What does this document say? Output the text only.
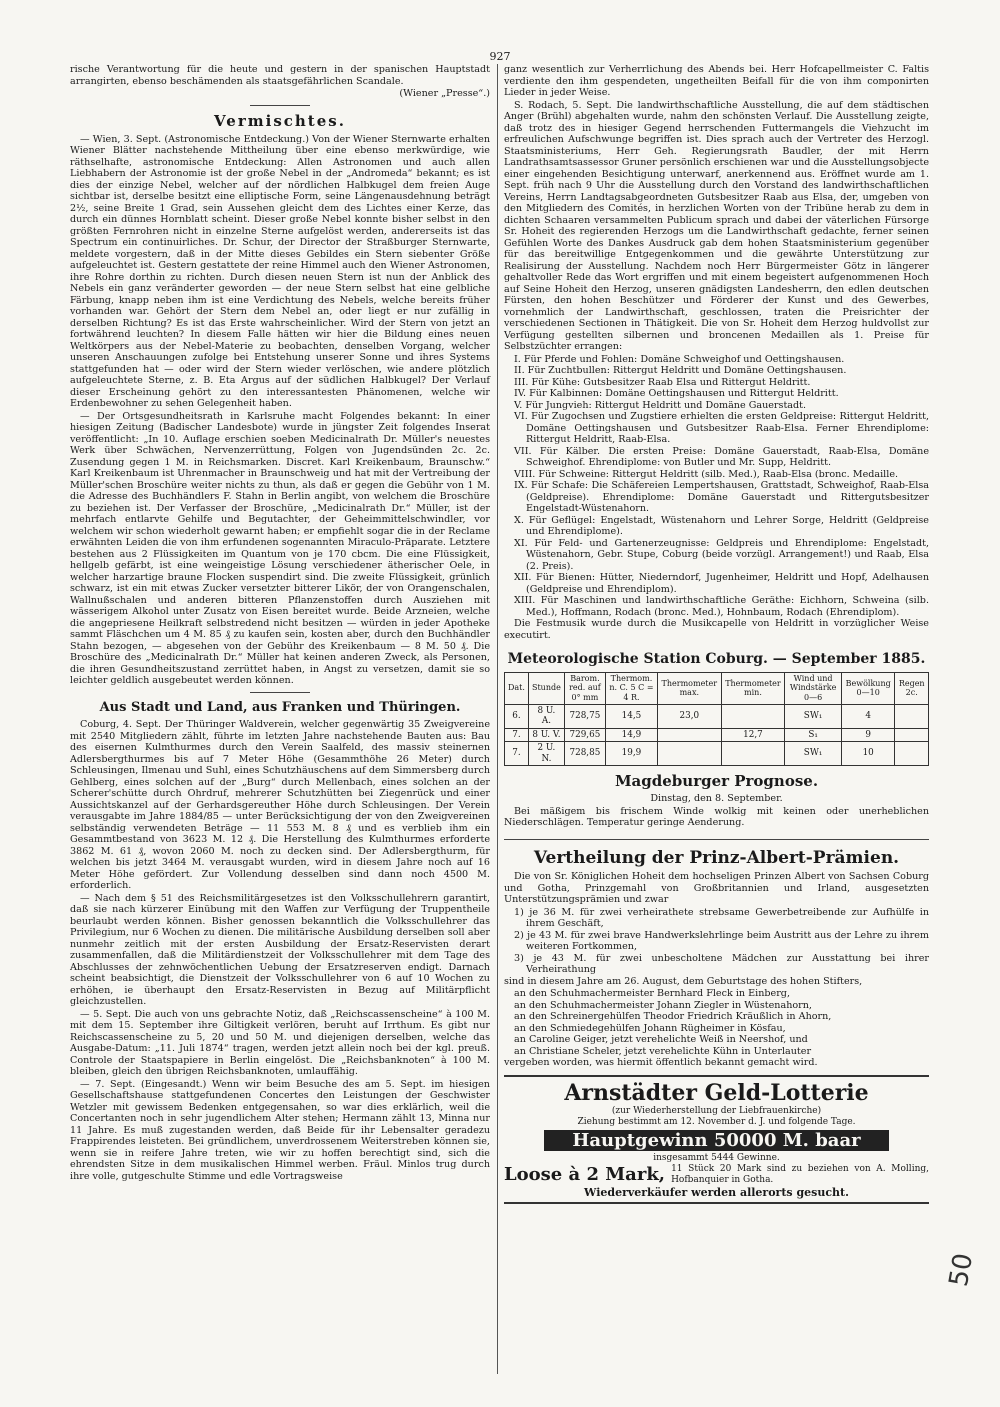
927

rische Verantwortung für die heute und gestern in der spanischen Hauptstadt arrangirten, ebenso beschämenden als staatsgefährlichen Scandale.

(Wiener „Presse“.)

Vermischtes.

— Wien, 3. Sept. (Astronomische Entdeckung.) Von der Wiener Sternwarte erhalten Wiener Blätter nachstehende Mittheilung über eine ebenso merkwürdige, wie räthselhafte, astronomische Entdeckung: Allen Astronomen und auch allen Liebhabern der Astronomie ist der große Nebel in der „Andromeda“ bekannt; es ist dies der einzige Nebel, welcher auf der nördlichen Halbkugel dem freien Auge sichtbar ist, derselbe besitzt eine elliptische Form, seine Längenausdehnung beträgt 2½, seine Breite 1 Grad, sein Aussehen gleicht dem des Lichtes einer Kerze, das durch ein dünnes Hornblatt scheint. Dieser große Nebel konnte bisher selbst in den größten Fernrohren nicht in einzelne Sterne aufgelöst werden, andererseits ist das Spectrum ein continuirliches. Dr. Schur, der Director der Straßburger Sternwarte, meldete vorgestern, daß in der Mitte dieses Gebildes ein Stern siebenter Größe aufgeleuchtet ist. Gestern gestattete der reine Himmel auch den Wiener Astronomen, ihre Rohre dorthin zu richten. Durch diesen neuen Stern ist nun der Anblick des Nebels ein ganz veränderter geworden — der neue Stern selbst hat eine gelbliche Färbung, knapp neben ihm ist eine Verdichtung des Nebels, welche bereits früher vorhanden war. Gehört der Stern dem Nebel an, oder liegt er nur zufällig in derselben Richtung? Es ist das Erste wahrscheinlicher. Wird der Stern von jetzt an fortwährend leuchten? In diesem Falle hätten wir hier die Bildung eines neuen Weltkörpers aus der Nebel-Materie zu beobachten, denselben Vorgang, welcher unseren Anschauungen zufolge bei Entstehung unserer Sonne und ihres Systems stattgefunden hat — oder wird der Stern wieder verlöschen, wie andere plötzlich aufgeleuchtete Sterne, z. B. Eta Argus auf der südlichen Halbkugel? Der Verlauf dieser Erscheinung gehört zu den interessantesten Phänomenen, welche wir Erdenbewohner zu sehen Gelegenheit haben.

— Der Ortsgesundheitsrath in Karlsruhe macht Folgendes bekannt: In einer hiesigen Zeitung (Badischer Landesbote) wurde in jüngster Zeit folgendes Inserat veröffentlicht: „In 10. Auflage erschien soeben Medicinalrath Dr. Müller's neuestes Werk über Schwächen, Nervenzerrüttung, Folgen von Jugendsünden 2c. 2c. Zusendung gegen 1 M. in Reichsmarken. Discret. Karl Kreikenbaum, Braunschw.“ Karl Kreikenbaum ist Uhrenmacher in Braunschweig und hat mit der Vertreibung der Müller'schen Broschüre weiter nichts zu thun, als daß er gegen die Gebühr von 1 M. die Adresse des Buchhändlers F. Stahn in Berlin angibt, von welchem die Broschüre zu beziehen ist. Der Verfasser der Broschüre, „Medicinalrath Dr.“ Müller, ist der mehrfach entlarvte Gehilfe und Begutachter, der Geheimmittelschwindler, vor welchem wir schon wiederholt gewarnt haben; er empfiehlt sogar die in der Reclame erwähnten Leiden die von ihm erfundenen sogenannten Miraculo-Präparate. Letztere bestehen aus 2 Flüssigkeiten im Quantum von je 170 cbcm. Die eine Flüssigkeit, hellgelb gefärbt, ist eine weingeistige Lösung verschiedener ätherischer Oele, in welcher harzartige braune Flocken suspendirt sind. Die zweite Flüssigkeit, grünlich schwarz, ist ein mit etwas Zucker versetzter bitterer Likör, der von Orangenschalen, Wallnußschalen und anderen bitteren Pflanzenstoffen durch Ausziehen mit wässerigem Alkohol unter Zusatz von Eisen bereitet wurde. Beide Arzneien, welche die angepriesene Heilkraft selbstredend nicht besitzen — würden in jeder Apotheke sammt Fläschchen um 4 M. 85 ₰ zu kaufen sein, kosten aber, durch den Buchhändler Stahn bezogen, — abgesehen von der Gebühr des Kreikenbaum — 8 M. 50 ₰. Die Broschüre des „Medicinalrath Dr.“ Müller hat keinen anderen Zweck, als Personen, die ihren Gesundheitszustand zerrüttet haben, in Angst zu versetzen, damit sie so leichter geldlich ausgebeutet werden können.

Aus Stadt und Land, aus Franken und Thüringen.

Coburg, 4. Sept. Der Thüringer Waldverein, welcher gegenwärtig 35 Zweigvereine mit 2540 Mitgliedern zählt, führte im letzten Jahre nachstehende Bauten aus: Bau des eisernen Kulmthurmes durch den Verein Saalfeld, des massiv steinernen Adlersbergthurmes bis auf 7 Meter Höhe (Gesammthöhe 26 Meter) durch Schleusingen, Ilmenau und Suhl, eines Schutzhäuschens auf dem Simmersberg durch Gehlberg, eines solchen auf der „Burg“ durch Mellenbach, eines solchen an der Scherer'schütte durch Ohrdruf, mehrerer Schutzhütten bei Ziegenrück und einer Aussichtskanzel auf der Gerhardsgereuther Höhe durch Schleusingen. Der Verein verausgabte im Jahre 1884/85 — unter Berücksichtigung der von den Zweigvereinen selbständig verwendeten Beträge — 11 553 M. 8 ₰ und es verblieb ihm ein Gesammtbestand von 3623 M. 12 ₰. Die Herstellung des Kulmthurmes erforderte 3862 M. 61 ₰, wovon 2060 M. noch zu decken sind. Der Adlersbergthurm, für welchen bis jetzt 3464 M. verausgabt wurden, wird in diesem Jahre noch auf 16 Meter Höhe gefördert. Zur Vollendung desselben sind dann noch 4500 M. erforderlich.

— Nach dem § 51 des Reichsmilitärgesetzes ist den Volksschullehrern garantirt, daß sie nach kürzerer Einübung mit den Waffen zur Verfügung der Truppentheile beurlaubt werden können. Bisher genossen bekanntlich die Volksschullehrer das Privilegium, nur 6 Wochen zu dienen. Die militärische Ausbildung derselben soll aber nunmehr zeitlich mit der ersten Ausbildung der Ersatz-Reservisten derart zusammenfallen, daß die Militärdienstzeit der Volksschullehrer mit dem Tage des Abschlusses der zehnwöchentlichen Uebung der Ersatzreserven endigt. Darnach scheint beabsichtigt, die Dienstzeit der Volksschullehrer von 6 auf 10 Wochen zu erhöhen, ie überhaupt den Ersatz-Reservisten in Bezug auf Militärpflicht gleichzustellen.

— 5. Sept. Die auch von uns gebrachte Notiz, daß „Reichscassenscheine“ à 100 M. mit dem 15. September ihre Giltigkeit verlören, beruht auf Irrthum. Es gibt nur Reichscassenscheine zu 5, 20 und 50 M. und diejenigen derselben, welche das Ausgabe-Datum: „11. Juli 1874“ tragen, werden jetzt allein noch bei der kgl. preuß. Controle der Staatspapiere in Berlin eingelöst. Die „Reichsbanknoten“ à 100 M. bleiben, gleich den übrigen Reichsbanknoten, umlauffähig.

— 7. Sept. (Eingesandt.) Wenn wir beim Besuche des am 5. Sept. im hiesigen Gesellschaftshause stattgefundenen Concertes den Leistungen der Geschwister Wetzler mit gewissem Bedenken entgegensahen, so war dies erklärlich, weil die Concertanten noch in sehr jugendlichem Alter stehen; Hermann zählt 13, Minna nur 11 Jahre. Es muß zugestanden werden, daß Beide für ihr Lebensalter geradezu Frappirendes leisteten. Bei gründlichem, unverdrossenem Weiterstreben können sie, wenn sie in reifere Jahre treten, wie wir zu hoffen berechtigt sind, sich die ehrendsten Sitze in dem musikalischen Himmel werben. Fräul. Minlos trug durch ihre volle, gutgeschulte Stimme und edle Vortragsweise

ganz wesentlich zur Verherrlichung des Abends bei. Herr Hofcapellmeister C. Faltis verdiente den ihm gespendeten, ungetheilten Beifall für die von ihm componirten Lieder in jeder Weise.

S. Rodach, 5. Sept. Die landwirthschaftliche Ausstellung, die auf dem städtischen Anger (Brühl) abgehalten wurde, nahm den schönsten Verlauf. Die Ausstellung zeigte, daß trotz des in hiesiger Gegend herrschenden Futtermangels die Viehzucht im erfreulichen Aufschwunge begriffen ist. Dies sprach auch der Vertreter des Herzogl. Staatsministeriums, Herr Geh. Regierungsrath Baudler, der mit Herrn Landrathsamtsassessor Gruner persönlich erschienen war und die Ausstellungsobjecte einer eingehenden Besichtigung unterwarf, anerkennend aus. Eröffnet wurde am 1. Sept. früh nach 9 Uhr die Ausstellung durch den Vorstand des landwirthschaftlichen Vereins, Herrn Landtagsabgeordneten Gutsbesitzer Raab aus Elsa, der, umgeben von den Mitgliedern des Comités, in herzlichen Worten von der Tribüne herab zu dem in dichten Schaaren versammelten Publicum sprach und dabei der väterlichen Fürsorge Sr. Hoheit des regierenden Herzogs um die Landwirthschaft gedachte, ferner seinen Gefühlen Worte des Dankes Ausdruck gab dem hohen Staatsministerium gegenüber für das bereitwillige Entgegenkommen und die gewährte Unterstützung zur Realisirung der Ausstellung. Nachdem noch Herr Bürgermeister Götz in längerer gehaltvoller Rede das Wort ergriffen und mit einem begeistert aufgenommenen Hoch auf Seine Hoheit den Herzog, unseren gnädigsten Landesherrn, den edlen deutschen Fürsten, den hohen Beschützer und Förderer der Kunst und des Gewerbes, vornehmlich der Landwirthschaft, geschlossen, traten die Preisrichter der verschiedenen Sectionen in Thätigkeit. Die von Sr. Hoheit dem Herzog huldvollst zur Verfügung gestellten silbernen und broncenen Medaillen als 1. Preise für Selbstzüchter errangen:

I. Für Pferde und Fohlen: Domäne Schweighof und Oettingshausen.
II. Für Zuchtbullen: Rittergut Heldritt und Domäne Oettingshausen.
III. Für Kühe: Gutsbesitzer Raab Elsa und Rittergut Heldritt.
IV. Für Kalbinnen: Domäne Oettingshausen und Rittergut Heldritt.
V. Für Jungvieh: Rittergut Heldritt und Domäne Gauerstadt.
VI. Für Zugochsen und Zugstiere erhielten die ersten Geldpreise: Rittergut Heldritt, Domäne Oettingshausen und Gutsbesitzer Raab-Elsa. Ferner Ehrendiplome: Rittergut Heldritt, Raab-Elsa.
VII. Für Kälber. Die ersten Preise: Domäne Gauerstadt, Raab-Elsa, Domäne Schweighof. Ehrendiplome: von Butler und Mr. Supp, Heldritt.
VIII. Für Schweine: Rittergut Heldritt (silb. Med.), Raab-Elsa (bronc. Medaille.
IX. Für Schafe: Die Schäfereien Lempertshausen, Grattstadt, Schweighof, Raab-Elsa (Geldpreise). Ehrendiplome: Domäne Gauerstadt und Rittergutsbesitzer Engelstadt-Wüstenahorn.
X. Für Geflügel: Engelstadt, Wüstenahorn und Lehrer Sorge, Heldritt (Geldpreise und Ehrendiplome).
XI. Für Feld- und Gartenerzeugnisse: Geldpreis und Ehrendiplome: Engelstadt, Wüstenahorn, Gebr. Stupe, Coburg (beide vorzügl. Arrangement!) und Raab, Elsa (2. Preis).
XII. Für Bienen: Hütter, Niederndorf, Jugenheimer, Heldritt und Hopf, Adelhausen (Geldpreise und Ehrendiplom).
XIII. Für Maschinen und landwirthschaftliche Geräthe: Eichhorn, Schweina (silb. Med.), Hoffmann, Rodach (bronc. Med.), Hohnbaum, Rodach (Ehrendiplom).

Die Festmusik wurde durch die Musikcapelle von Heldritt in vorzüglicher Weise executirt.

Meteorologische Station Coburg. — September 1885.
Dat.	Stunde	Barom. red. auf 0° mm	Thermom. n. C. 5 C = 4 R.	Thermometer max.	Thermometer min.	Wind und Windstärke 0—6	Bewölkung 0—10	Regen 2c.
6.	8 U. A.	728,75	14,5	23,0		SW₁	4	
7.	8 U. V.	729,65	14,9		12,7	S₁	9	
7.	2 U. N.	728,85	19,9			SW₁	10	
Magdeburger Prognose.

Dinstag, den 8. September.

Bei mäßigem bis frischem Winde wolkig mit keinen oder unerheblichen Niederschlägen. Temperatur geringe Aenderung.

Vertheilung der Prinz-Albert-Prämien.

Die von Sr. Königlichen Hoheit dem hochseligen Prinzen Albert von Sachsen Coburg und Gotha, Prinzgemahl von Großbritannien und Irland, ausgesetzten Unterstützungsprämien und zwar

1) je 36 M. für zwei verheirathete strebsame Gewerbetreibende zur Aufhülfe in ihrem Geschäft,
2) je 43 M. für zwei brave Handwerkslehrlinge beim Austritt aus der Lehre zu ihrem weiteren Fortkommen,
3) je 43 M. für zwei unbescholtene Mädchen zur Ausstattung bei ihrer Verheirathung

sind in diesem Jahre am 26. August, dem Geburtstage des hohen Stifters,

an den Schuhmachermeister Bernhard Fleck in Einberg,
an den Schuhmachermeister Johann Ziegler in Wüstenahorn,
an den Schreinergehülfen Theodor Friedrich Kräußlich in Ahorn,
an den Schmiedegehülfen Johann Rügheimer in Kösfau,
an Caroline Geiger, jetzt verehelichte Weiß in Neershof, und
an Christiane Scheler, jetzt verehelichte Kühn in Unterlauter

vergeben worden, was hiermit öffentlich bekannt gemacht wird.

Arnstädter Geld-Lotterie
(zur Wiederherstellung der Liebfrauenkirche)
Ziehung bestimmt am 12. November d. J. und folgende Tage.
Hauptgewinn 50000 M. baar
insgesammt 5444 Gewinne.
Loose à 2 Mark, 11 Stück 20 Mark sind zu beziehen von A. Molling, Hofbanquier in Gotha.
Wiederverkäufer werden allerorts gesucht.
50
